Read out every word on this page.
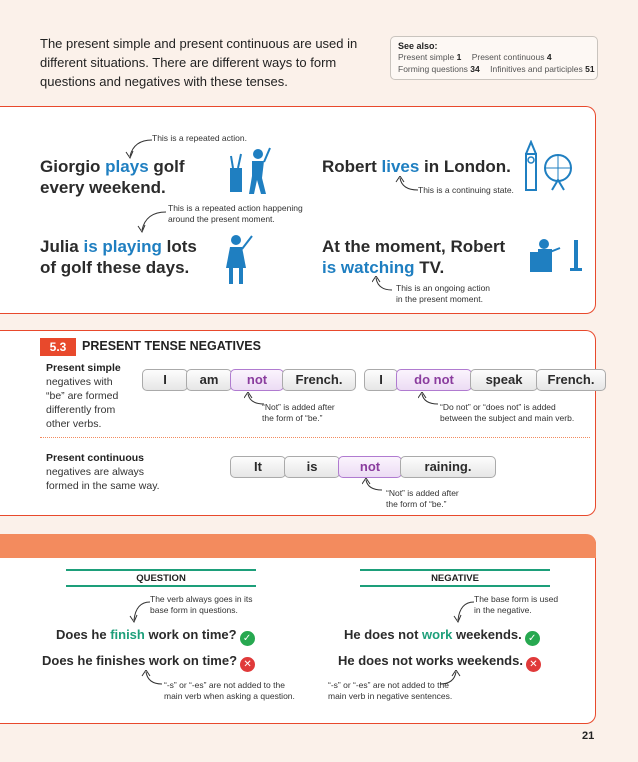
The present simple and present continuous are used in different situations. There are different ways to form questions and negatives with these tenses.
See also:
Present simple 1 Present continuous 4
Forming questions 34 Infinitives and participles 51
This is a repeated action.
Giorgio plays golf
every weekend.
Robert lives in London.
This is a continuing state.
This is a repeated action happening
around the present moment.
Julia is playing lots
of golf these days.
At the moment, Robert
is watching TV.
This is an ongoing action
in the present moment.
5.3	PRESENT TENSE NEGATIVES
Present simple
negatives with
“be” are formed
differently from
other verbs.
I	am	not	French.	I	do not	speak	French.
“Not” is added after
the form of “be.”
“Do not” or “does not” is added
between the subject and main verb.
Present continuous
negatives are always
formed in the same way.
It	is	not	raining.
“Not” is added after
the form of “be.”
QUESTION	NEGATIVE
The verb always goes in its
base form in questions.
The base form is used
in the negative.
Does he finish work on time? ✓	He does not work weekends. ✓
Does he finishes work on time? ✕	He does not works weekends. ✕
“-s” or “-es” are not added to the
main verb when asking a question.
“-s” or “-es” are not added to the
main verb in negative sentences.
21
